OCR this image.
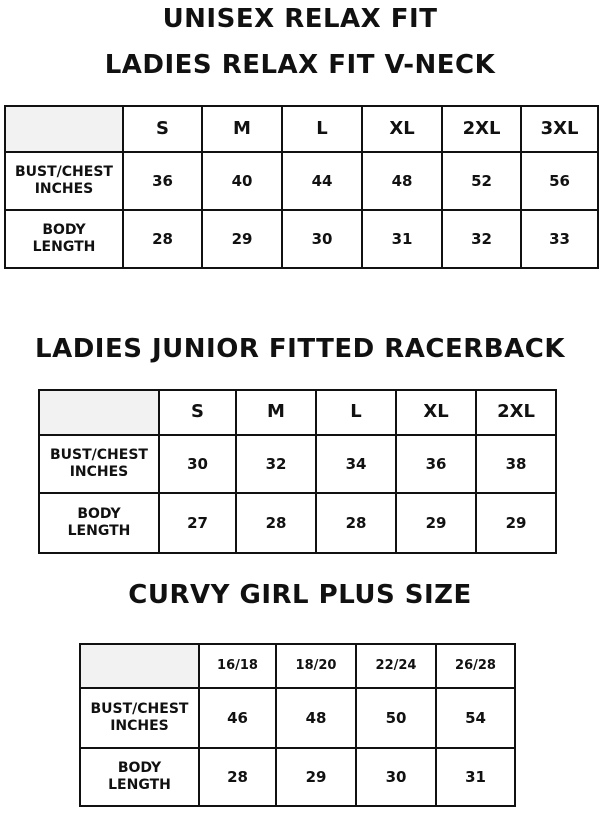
UNISEX RELAX FIT
LADIES RELAX FIT V-NECK
	S	M	L	XL	2XL	3XL
BUST/CHEST
INCHES	36	40	44	48	52	56
BODY
LENGTH	28	29	30	31	32	33
LADIES JUNIOR FITTED RACERBACK
	S	M	L	XL	2XL
BUST/CHEST
INCHES	30	32	34	36	38
BODY
LENGTH	27	28	28	29	29
CURVY GIRL PLUS SIZE
	16/18	18/20	22/24	26/28
BUST/CHEST
INCHES	46	48	50	54
BODY
LENGTH	28	29	30	31
